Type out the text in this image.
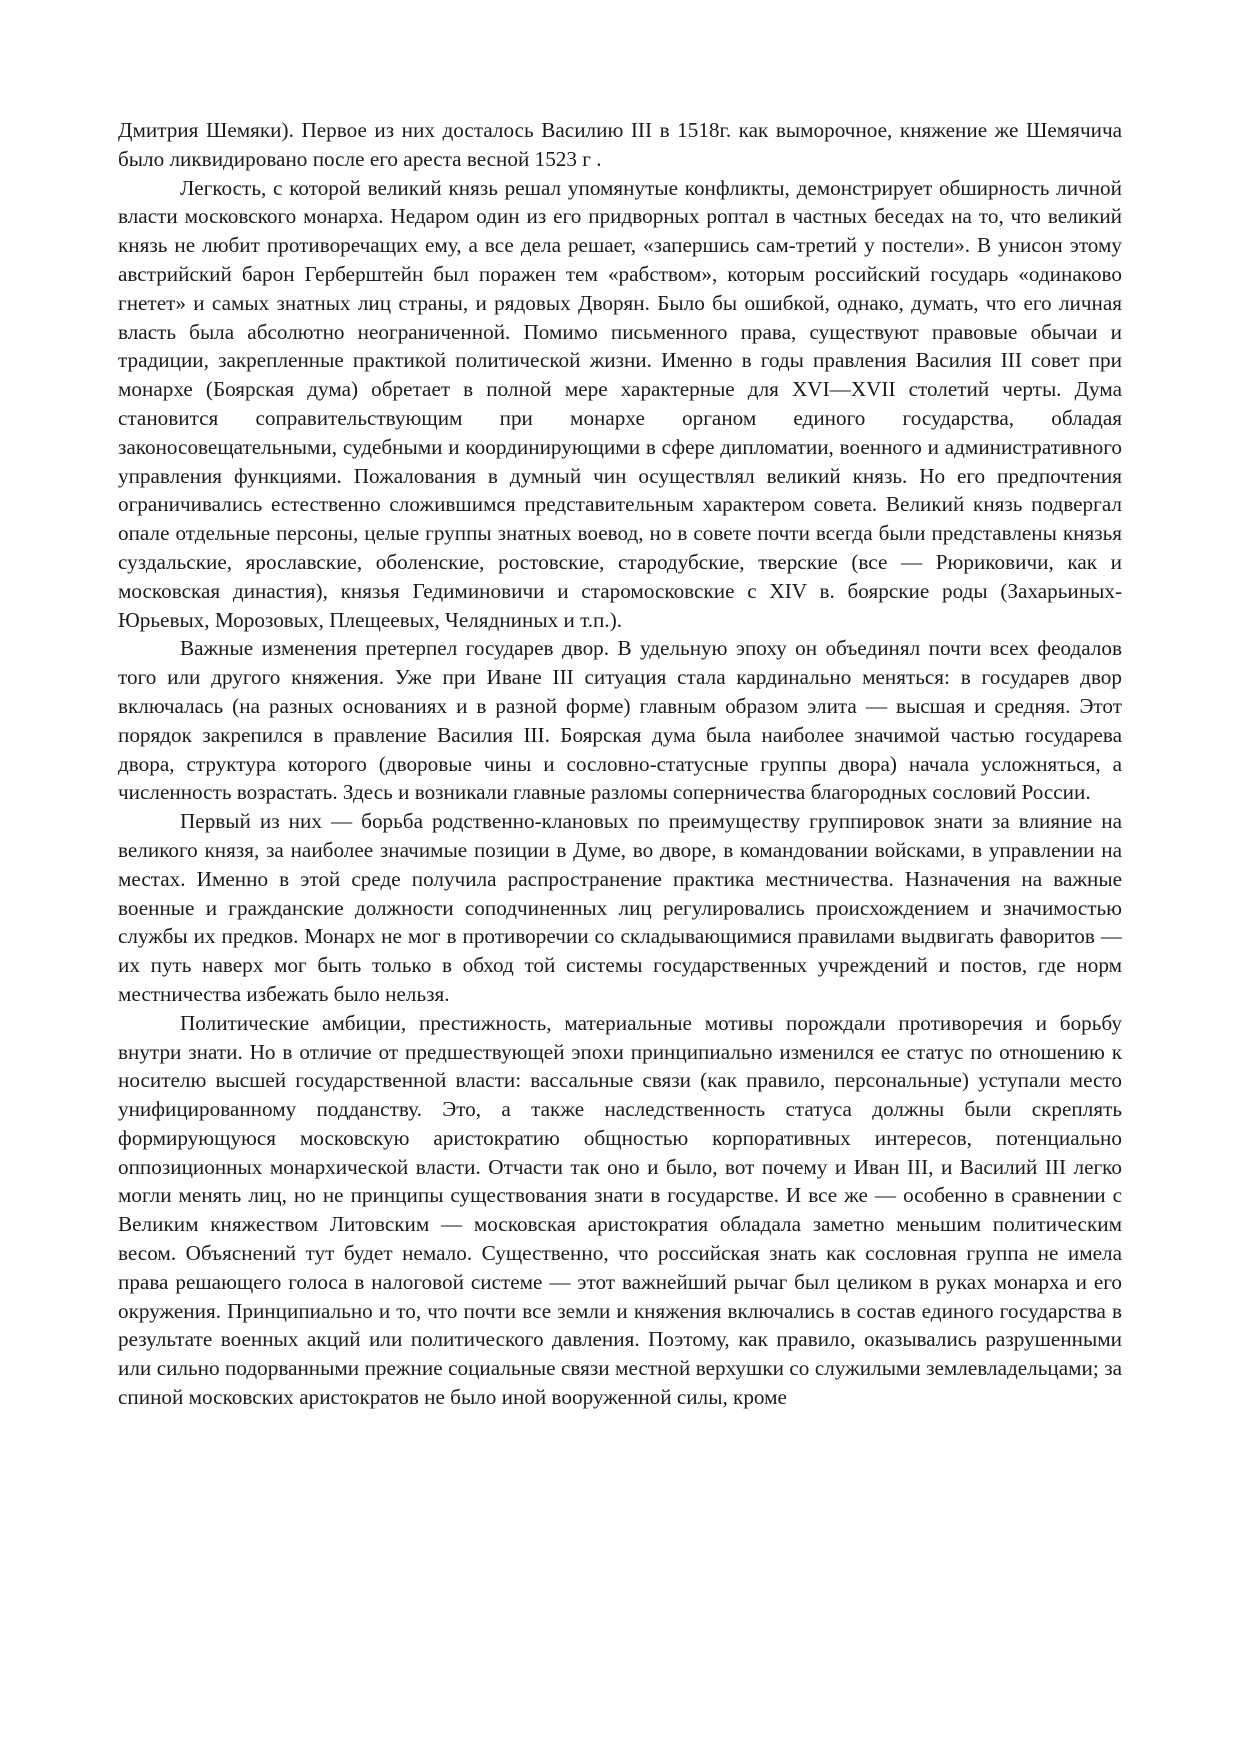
Дмитрия Шемяки). Первое из них досталось Василию III в 1518г. как выморочное, княжение же Шемячича было ликвидировано после его ареста весной 1523 г .

Легкость, с которой великий князь решал упомянутые конфликты, демонстрирует обширность личной власти московского монарха. Недаром один из его придворных роптал в частных беседах на то, что великий князь не любит противоречащих ему, а все дела решает, «запершись сам-третий у постели». В унисон этому австрийский барон Герберштейн был поражен тем «рабством», которым российский государь «одинаково гнетет» и самых знатных лиц страны, и рядовых Дворян. Было бы ошибкой, однако, думать, что его личная власть была абсолютно неограниченной. Помимо письменного права, существуют правовые обычаи и традиции, закрепленные практикой политической жизни. Именно в годы правления Василия III совет при монархе (Боярская дума) обретает в полной мере характерные для XVI—XVII столетий черты. Дума становится соправительствующим при монархе органом единого государства, обладая законосовещательными, судебными и координирующими в сфере дипломатии, военного и административного управления функциями. Пожалования в думный чин осуществлял великий князь. Но его предпочтения ограничивались естественно сложившимся представительным характером совета. Великий князь подвергал опале отдельные персоны, целые группы знатных воевод, но в совете почти всегда были представлены князья суздальские, ярославские, оболенские, ростовские, стародубские, тверские (все — Рюриковичи, как и московская династия), князья Гедиминовичи и старомосковские с XIV в. боярские роды (Захарьиных-Юрьевых, Морозовых, Плещеевых, Челядниных и т.п.).

Важные изменения претерпел государев двор. В удельную эпоху он объединял почти всех феодалов того или другого княжения. Уже при Иване III ситуация стала кардинально меняться: в государев двор включалась (на разных основаниях и в разной форме) главным образом элита — высшая и средняя. Этот порядок закрепился в правление Василия III. Боярская дума была наиболее значимой частью государева двора, структура которого (дворовые чины и сословно-статусные группы двора) начала усложняться, а численность возрастать. Здесь и возникали главные разломы соперничества благородных сословий России.

Первый из них — борьба родственно-клановых по преимуществу группировок знати за влияние на великого князя, за наиболее значимые позиции в Думе, во дворе, в командовании войсками, в управлении на местах. Именно в этой среде получила распространение практика местничества. Назначения на важные военные и гражданские должности соподчиненных лиц регулировались происхождением и значимостью службы их предков. Монарх не мог в противоречии со складывающимися правилами выдвигать фаворитов — их путь наверх мог быть только в обход той системы государственных учреждений и постов, где норм местничества избежать было нельзя.

Политические амбиции, престижность, материальные мотивы порождали противоречия и борьбу внутри знати. Но в отличие от предшествующей эпохи принципиально изменился ее статус по отношению к носителю высшей государственной власти: вассальные связи (как правило, персональные) уступали место унифицированному подданству. Это, а также наследственность статуса должны были скреплять формирующуюся московскую аристократию общностью корпоративных интересов, потенциально оппозиционных монархической власти. Отчасти так оно и было, вот почему и Иван III, и Василий III легко могли менять лиц, но не принципы существования знати в государстве. И все же — особенно в сравнении с Великим княжеством Литовским — московская аристократия обладала заметно меньшим политическим весом. Объяснений тут будет немало. Существенно, что российская знать как сословная группа не имела права решающего голоса в налоговой системе — этот важнейший рычаг был целиком в руках монарха и его окружения. Принципиально и то, что почти все земли и княжения включались в состав единого государства в результате военных акций или политического давления. Поэтому, как правило, оказывались разрушенными или сильно подорванными прежние социальные связи местной верхушки со служилыми землевладельцами; за спиной московских аристократов не было иной вооруженной силы, кроме
